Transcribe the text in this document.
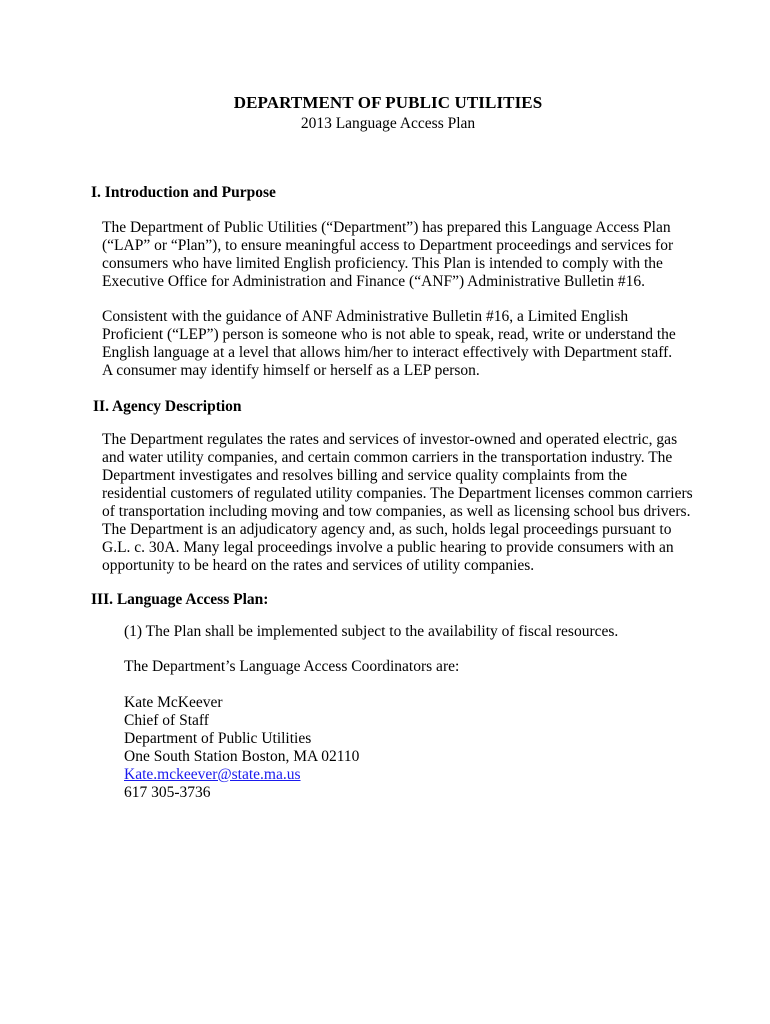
DEPARTMENT OF PUBLIC UTILITIES
2013 Language Access Plan
I. Introduction and Purpose
The Department of Public Utilities (“Department”) has prepared this Language Access Plan
(“LAP” or “Plan”), to ensure meaningful access to Department proceedings and services for
consumers who have limited English proficiency. This Plan is intended to comply with the
Executive Office for Administration and Finance (“ANF”) Administrative Bulletin #16.
Consistent with the guidance of ANF Administrative Bulletin #16, a Limited English
Proficient (“LEP”) person is someone who is not able to speak, read, write or understand the
English language at a level that allows him/her to interact effectively with Department staff.
A consumer may identify himself or herself as a LEP person.
II. Agency Description
The Department regulates the rates and services of investor-owned and operated electric, gas
and water utility companies, and certain common carriers in the transportation industry. The
Department investigates and resolves billing and service quality complaints from the
residential customers of regulated utility companies. The Department licenses common carriers
of transportation including moving and tow companies, as well as licensing school bus drivers.
The Department is an adjudicatory agency and, as such, holds legal proceedings pursuant to
G.L. c. 30A. Many legal proceedings involve a public hearing to provide consumers with an
opportunity to be heard on the rates and services of utility companies.
III. Language Access Plan:
(1) The Plan shall be implemented subject to the availability of fiscal resources.
The Department’s Language Access Coordinators are:
Kate McKeever
Chief of Staff
Department of Public Utilities
One South Station Boston, MA 02110
Kate.mckeever@state.ma.us
617 305-3736
